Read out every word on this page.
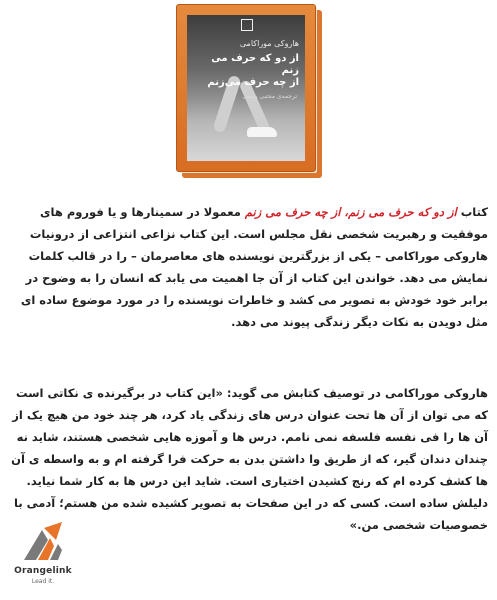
هاروکی موراکامی
از دو که حرف می زنم
از چه حرف می‌زنم
ترجمه‌ی مجتبی ویسی
کتاب از دو که حرف می زنم، از چه حرف می زنم معمولا در سمینارها و یا فوروم های موفقیت و رهبریت شخصی نقل مجلس است. این کتاب نزاعی انتزاعی از درونیات هاروکی موراکامی – یکی از بزرگترین نویسنده های معاصرمان – را در قالب کلمات نمایش می دهد. خواندن این کتاب از آن جا اهمیت می یابد که انسان را به وضوح در برابر خود خودش به تصویر می کشد و خاطرات نویسنده را در مورد موضوع ساده ای مثل دویدن به نکات دیگر زندگی پیوند می دهد.
هاروکی موراکامی در توصیف کتابش می گوید: «این کتاب در برگیرنده ی نکاتی است که می توان از آن ها تحت عنوان درس های زندگی یاد کرد، هر چند خود من هیچ یک از آن ها را فی نفسه فلسفه نمی نامم. درس ها و آموزه هایی شخصی هستند، شاید نه چندان دندان گیر، که از طریق وا داشتن بدن به حرکت فرا گرفته ام و به واسطه ی آن ها کشف کرده ام که رنج کشیدن اختیاری است. شاید این درس ها به کار شما نیاید. دلیلش ساده است. کسی که در این صفحات به تصویر کشیده شده من هستم؛ آدمی با خصوصیات شخصی من.»
Orangelink
Lead it.
